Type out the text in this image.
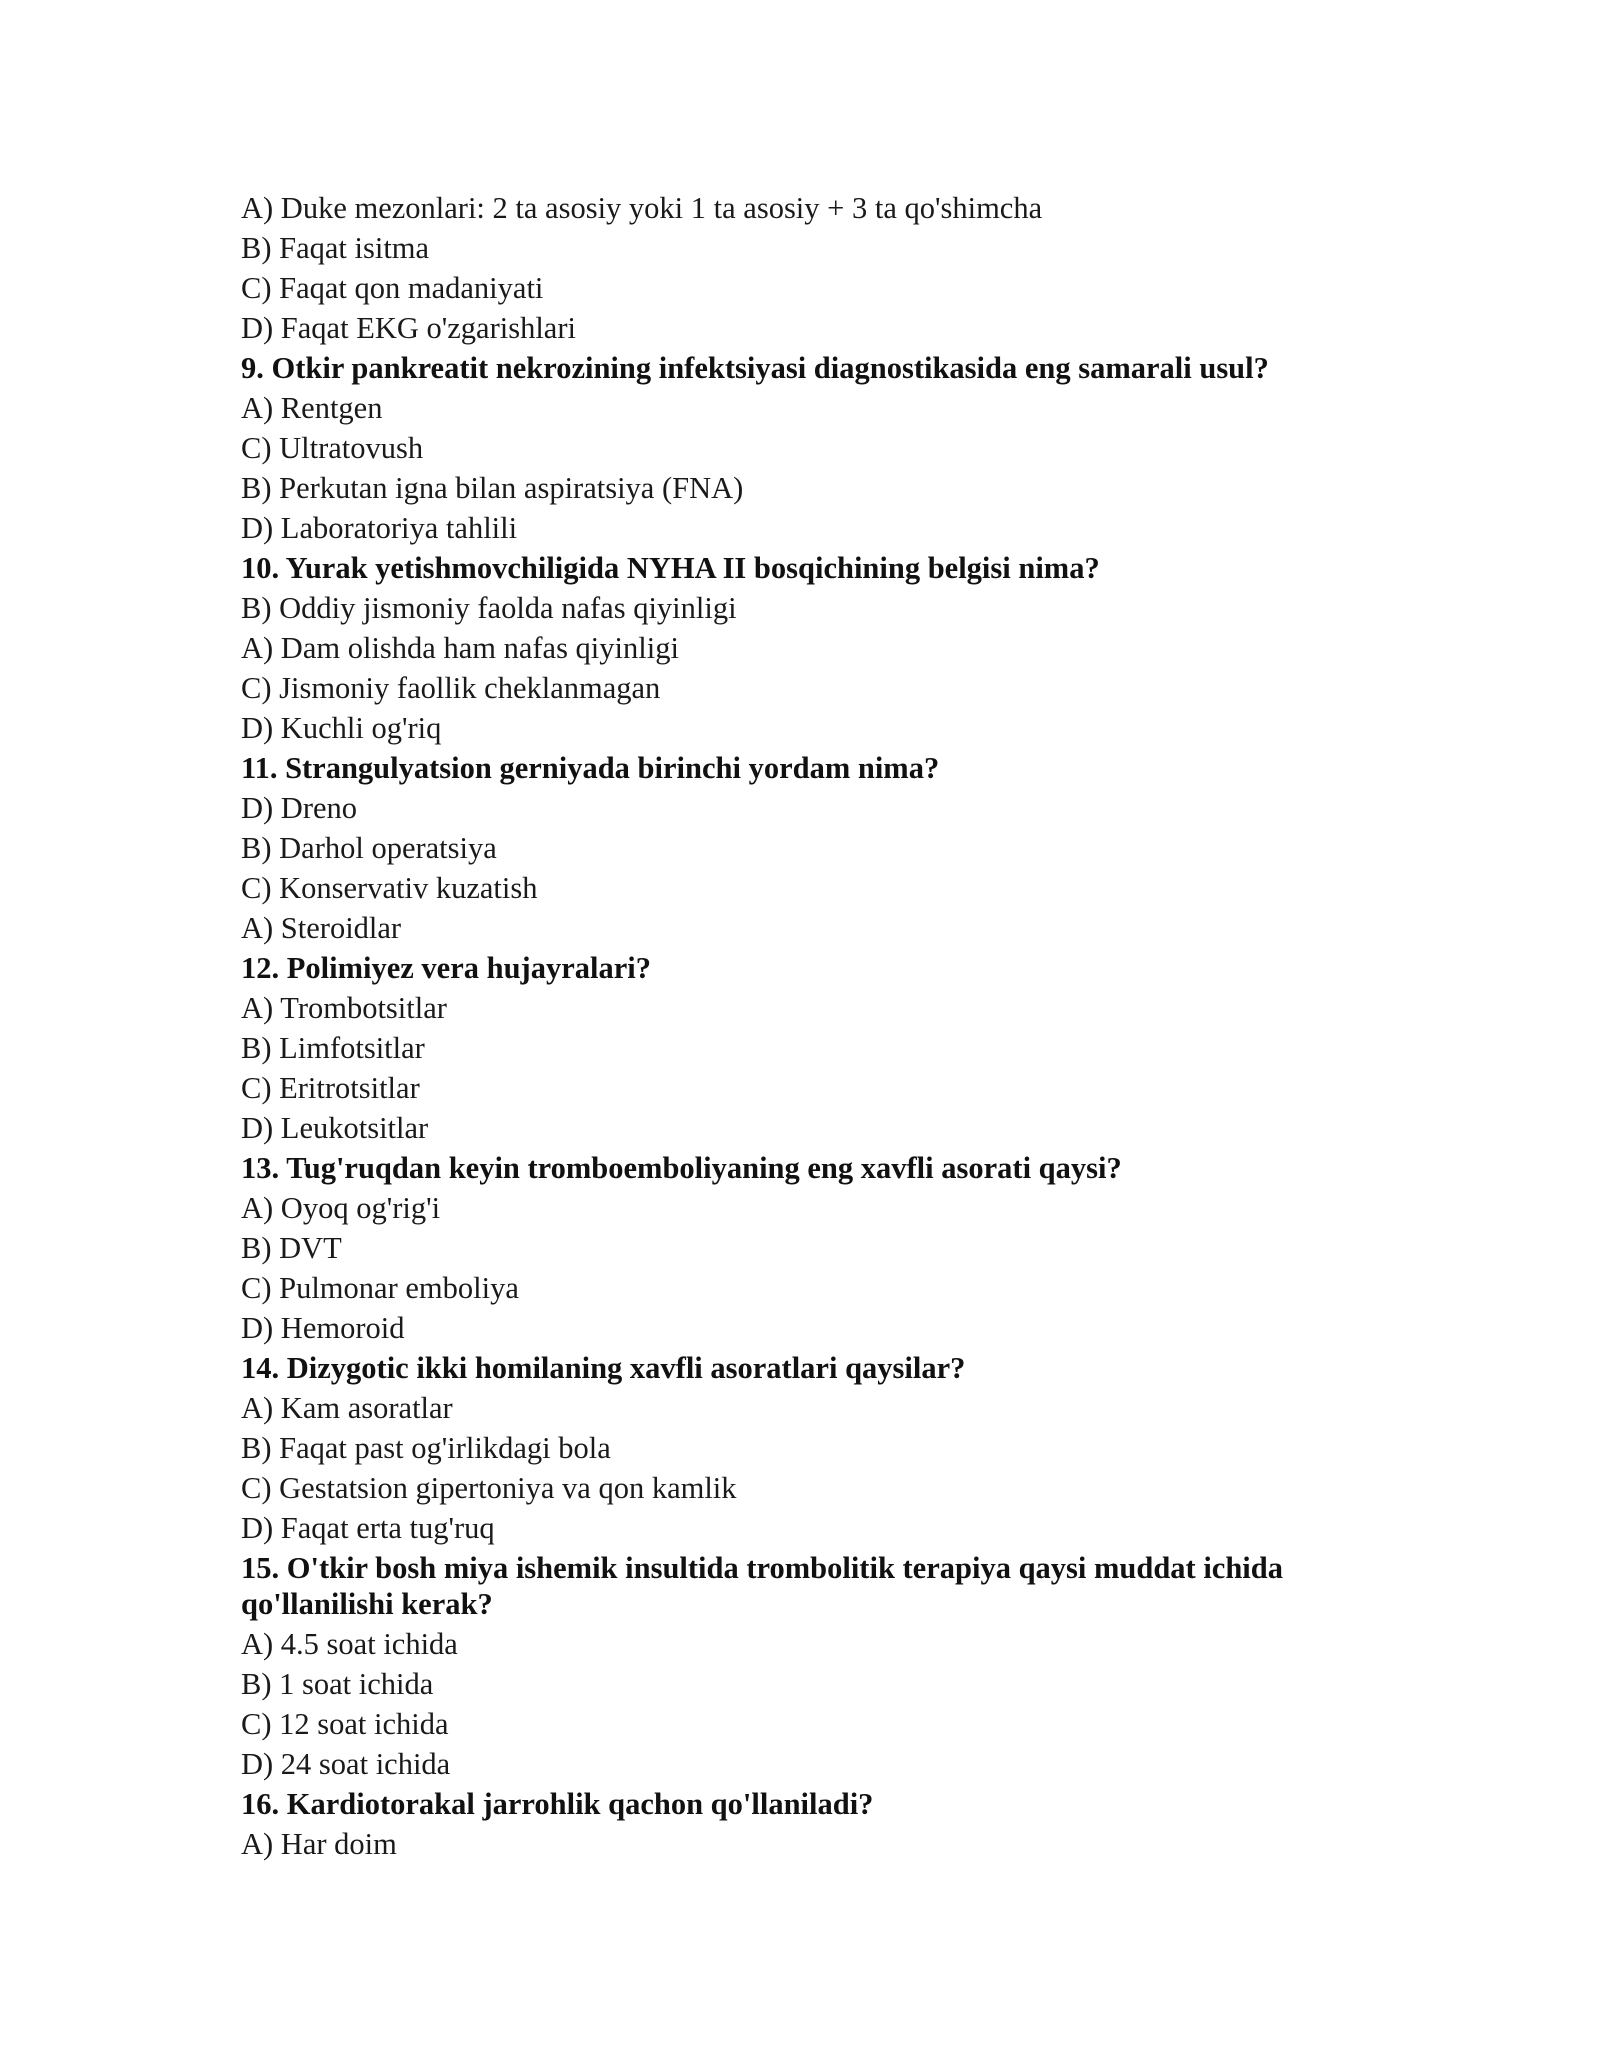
A) Duke mezonlari: 2 ta asosiy yoki 1 ta asosiy + 3 ta qo'shimcha
B) Faqat isitma
C) Faqat qon madaniyati
D) Faqat EKG o'zgarishlari
9. Otkir pankreatit nekrozining infektsiyasi diagnostikasida eng samarali usul?
A) Rentgen
C) Ultratovush
B) Perkutan igna bilan aspiratsiya (FNA)
D) Laboratoriya tahlili
10. Yurak yetishmovchiligida NYHA II bosqichining belgisi nima?
B) Oddiy jismoniy faolda nafas qiyinligi
A) Dam olishda ham nafas qiyinligi
C) Jismoniy faollik cheklanmagan
D) Kuchli og'riq
11. Strangulyatsion gerniyada birinchi yordam nima?
D) Dreno
B) Darhol operatsiya
C) Konservativ kuzatish
A) Steroidlar
12. Polimiyez vera hujayralari?
A) Trombotsitlar
B) Limfotsitlar
C) Eritrotsitlar
D) Leukotsitlar
13. Tug'ruqdan keyin tromboemboliyaning eng xavfli asorati qaysi?
A) Oyoq og'rig'i
B) DVT
C) Pulmonar emboliya
D) Hemoroid
14. Dizygotic ikki homilaning xavfli asoratlari qaysilar?
A) Kam asoratlar
B) Faqat past og'irlikdagi bola
C) Gestatsion gipertoniya va qon kamlik
D) Faqat erta tug'ruq
15. O'tkir bosh miya ishemik insultida trombolitik terapiya qaysi muddat ichida qo'llanilishi kerak?
A) 4.5 soat ichida
B) 1 soat ichida
C) 12 soat ichida
D) 24 soat ichida
16. Kardiotorakal jarrohlik qachon qo'llaniladi?
A) Har doim
